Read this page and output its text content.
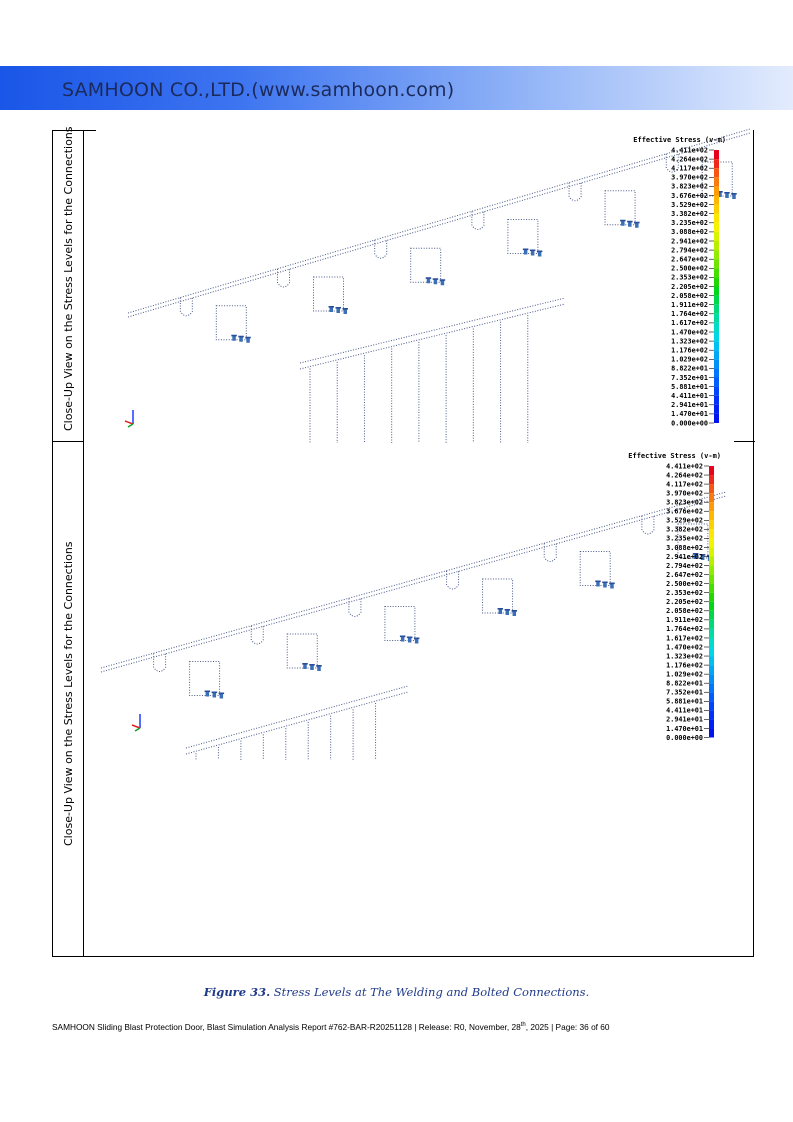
SAMHOON CO.,LTD.(www.samhoon.com)
Close-Up View on the Stress Levels for the Connections
Close-Up View on the Stress Levels for the Connections
Effective Stress (v-m)
4.411e+02
4.264e+02
4.117e+02
3.970e+02
3.823e+02
3.676e+02
3.529e+02
3.382e+02
3.235e+02
3.088e+02
2.941e+02
2.794e+02
2.647e+02
2.500e+02
2.353e+02
2.205e+02
2.058e+02
1.911e+02
1.764e+02
1.617e+02
1.470e+02
1.323e+02
1.176e+02
1.029e+02
8.822e+01
7.352e+01
5.881e+01
4.411e+01
2.941e+01
1.470e+01
0.000e+00
Effective Stress (v-m)
4.411e+02
4.264e+02
4.117e+02
3.970e+02
3.823e+02
3.676e+02
3.529e+02
3.382e+02
3.235e+02
3.088e+02
2.941e+02
2.794e+02
2.647e+02
2.500e+02
2.353e+02
2.205e+02
2.058e+02
1.911e+02
1.764e+02
1.617e+02
1.470e+02
1.323e+02
1.176e+02
1.029e+02
8.822e+01
7.352e+01
5.881e+01
4.411e+01
2.941e+01
1.470e+01
0.000e+00
Figure 33. Stress Levels at The Welding and Bolted Connections.
SAMHOON Sliding Blast Protection Door, Blast Simulation Analysis Report #762-BAR-R20251128 | Release: R0, November, 28th, 2025 | Page: 36 of 60
